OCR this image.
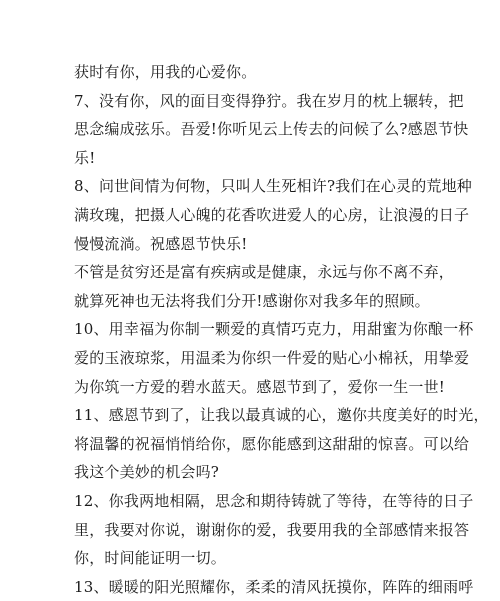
获时有你，用我的心爱你。
7、没有你，风的面目变得狰狞。我在岁月的枕上辗转，把
思念编成弦乐。吾爱!你听见云上传去的问候了么?感恩节快
乐!
8、问世间情为何物，只叫人生死相许?我们在心灵的荒地种
满玫瑰，把摄人心魄的花香吹进爱人的心房，让浪漫的日子
慢慢流淌。祝感恩节快乐!
不管是贫穷还是富有疾病或是健康，永远与你不离不弃，
就算死神也无法将我们分开!感谢你对我多年的照顾。
10、用幸福为你制一颗爱的真情巧克力，用甜蜜为你酿一杯
爱的玉液琼浆，用温柔为你织一件爱的贴心小棉袄，用挚爱
为你筑一方爱的碧水蓝天。感恩节到了，爱你一生一世!
11、感恩节到了，让我以最真诚的心，邀你共度美好的时光，
将温馨的祝福悄悄给你，愿你能感到这甜甜的惊喜。可以给
我这个美妙的机会吗?
12、你我两地相隔，思念和期待铸就了等待，在等待的日子
里，我要对你说，谢谢你的爱，我要用我的全部感情来报答
你，时间能证明一切。
13、暖暖的阳光照耀你，柔柔的清风抚摸你，阵阵的细雨呼
